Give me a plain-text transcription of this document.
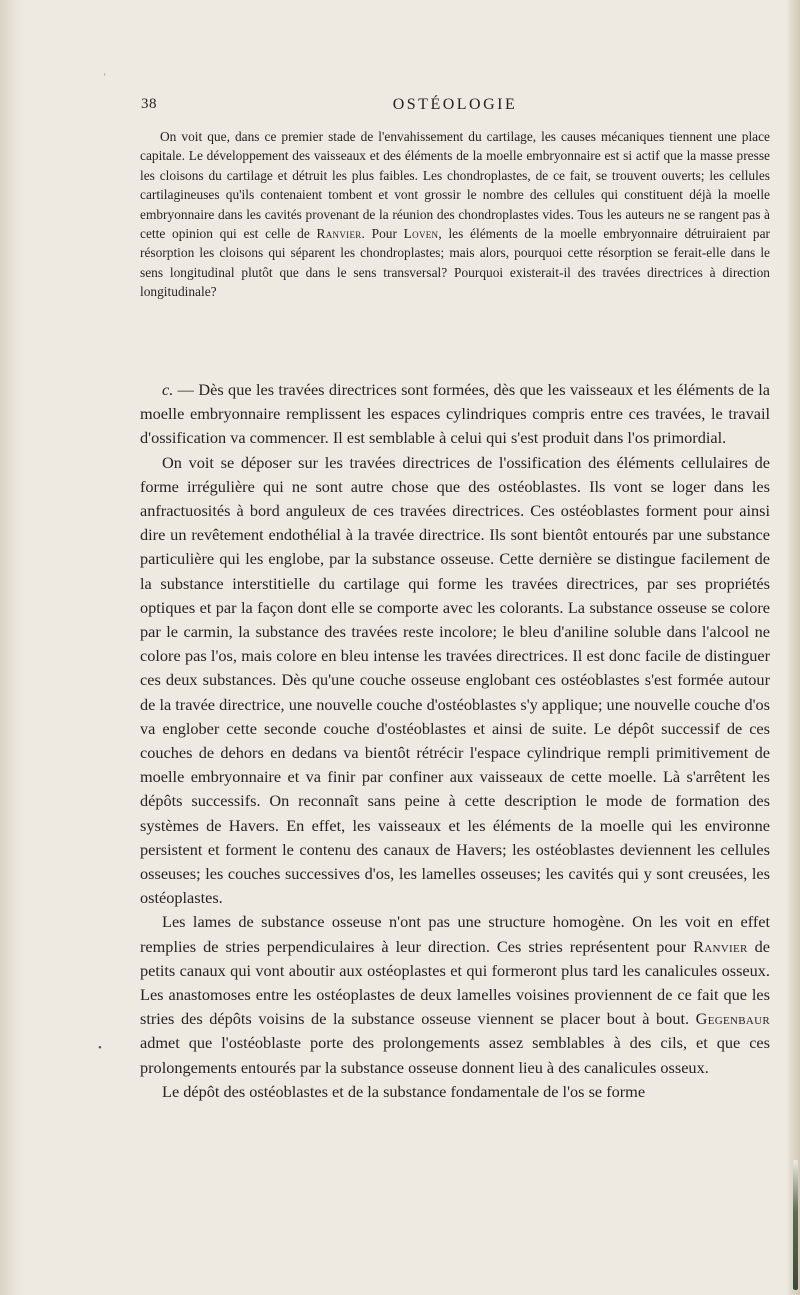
'
38	OSTÉOLOGIE

On voit que, dans ce premier stade de l'envahissement du cartilage, les causes mécaniques tiennent une place capitale. Le développement des vaisseaux et des éléments de la moelle embryonnaire est si actif que la masse presse les cloisons du cartilage et détruit les plus faibles. Les chondroplastes, de ce fait, se trouvent ouverts; les cellules cartilagineuses qu'ils contenaient tombent et vont grossir le nombre des cellules qui constituent déjà la moelle embryonnaire dans les cavités provenant de la réunion des chondroplastes vides. Tous les auteurs ne se rangent pas à cette opinion qui est celle de Ranvier. Pour Loven, les éléments de la moelle embryonnaire détruiraient par résorption les cloisons qui séparent les chondroplastes; mais alors, pourquoi cette résorption se ferait-elle dans le sens longitudinal plutôt que dans le sens transversal? Pourquoi existerait-il des travées directrices à direction longitudinale?

c. — Dès que les travées directrices sont formées, dès que les vaisseaux et les éléments de la moelle embryonnaire remplissent les espaces cylindriques compris entre ces travées, le travail d'ossification va commencer. Il est semblable à celui qui s'est produit dans l'os primordial.

On voit se déposer sur les travées directrices de l'ossification des éléments cellulaires de forme irrégulière qui ne sont autre chose que des ostéoblastes. Ils vont se loger dans les anfractuosités à bord anguleux de ces travées directrices. Ces ostéoblastes forment pour ainsi dire un revêtement endothélial à la travée directrice. Ils sont bientôt entourés par une substance particulière qui les englobe, par la substance osseuse. Cette dernière se distingue facilement de la substance interstitielle du cartilage qui forme les travées directrices, par ses propriétés optiques et par la façon dont elle se comporte avec les colorants. La substance osseuse se colore par le carmin, la substance des travées reste incolore; le bleu d'aniline soluble dans l'alcool ne colore pas l'os, mais colore en bleu intense les travées directrices. Il est donc facile de distinguer ces deux substances. Dès qu'une couche osseuse englobant ces ostéoblastes s'est formée autour de la travée directrice, une nouvelle couche d'ostéoblastes s'y applique; une nouvelle couche d'os va englober cette seconde couche d'ostéoblastes et ainsi de suite. Le dépôt successif de ces couches de dehors en dedans va bientôt rétrécir l'espace cylindrique rempli primitivement de moelle embryonnaire et va finir par confiner aux vaisseaux de cette moelle. Là s'arrêtent les dépôts successifs. On reconnaît sans peine à cette description le mode de formation des systèmes de Havers. En effet, les vaisseaux et les éléments de la moelle qui les environne persistent et forment le contenu des canaux de Havers; les ostéoblastes deviennent les cellules osseuses; les couches successives d'os, les lamelles osseuses; les cavités qui y sont creusées, les ostéoplastes.

Les lames de substance osseuse n'ont pas une structure homogène. On les voit en effet remplies de stries perpendiculaires à leur direction. Ces stries représentent pour Ranvier de petits canaux qui vont aboutir aux ostéoplastes et qui formeront plus tard les canalicules osseux. Les anastomoses entre les ostéoplastes de deux lamelles voisines proviennent de ce fait que les stries des dépôts voisins de la substance osseuse viennent se placer bout à bout. Gegenbaur admet que l'ostéoblaste porte des prolongements assez semblables à des cils, et que ces prolongements entourés par la substance osseuse donnent lieu à des canalicules osseux.

Le dépôt des ostéoblastes et de la substance fondamentale de l'os se forme

•
